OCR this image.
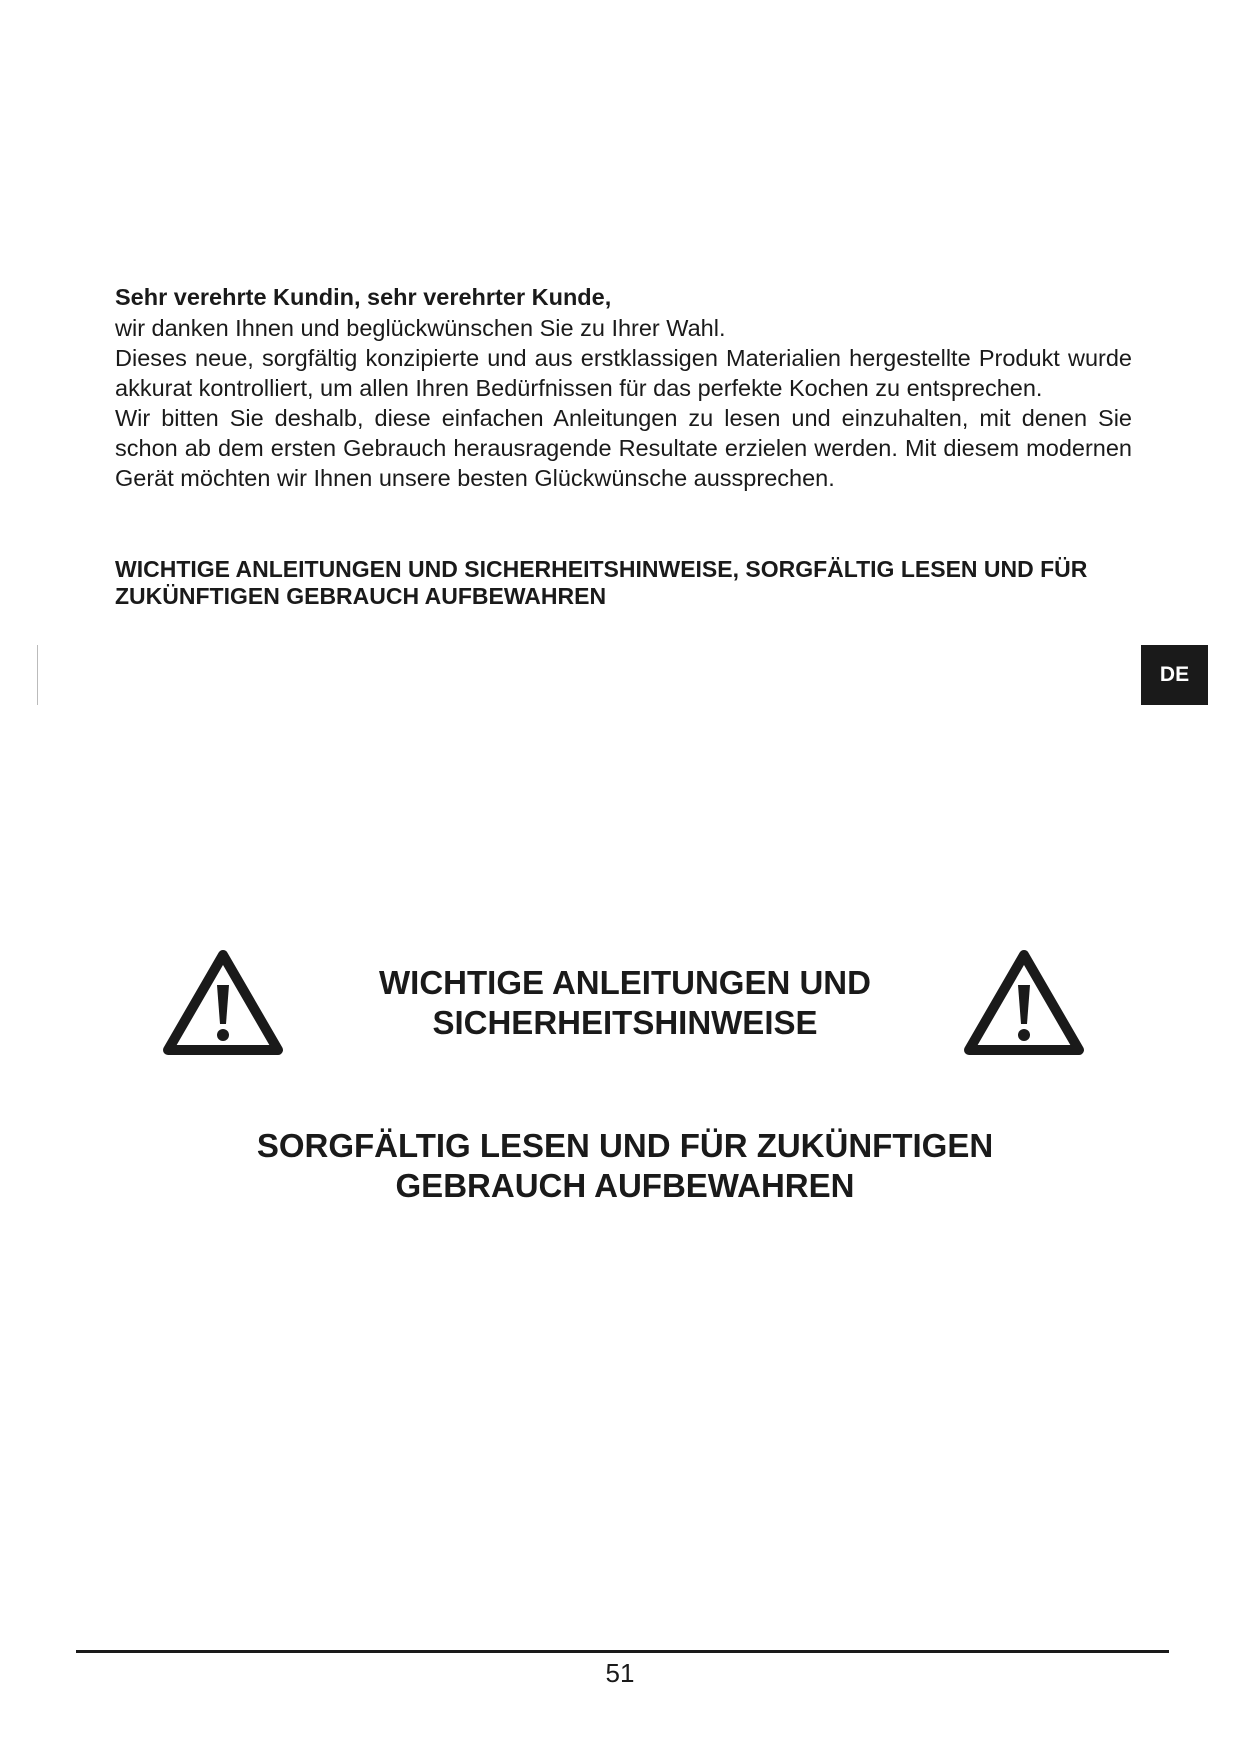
Sehr verehrte Kundin, sehr verehrter Kunde,

wir danken Ihnen und beglückwünschen Sie zu Ihrer Wahl.

Dieses neue, sorgfältig konzipierte und aus erstklassigen Materialien hergestellte Produkt wurde akkurat kontrolliert, um allen Ihren Bedürfnissen für das perfekte Kochen zu entsprechen.

Wir bitten Sie deshalb, diese einfachen Anleitungen zu lesen und einzuhalten, mit denen Sie schon ab dem ersten Gebrauch herausragende Resultate erzielen werden. Mit diesem modernen Gerät möchten wir Ihnen unsere besten Glückwünsche aussprechen.

WICHTIGE ANLEITUNGEN UND SICHERHEITSHINWEISE, SORGFÄLTIG LESEN UND FÜR ZUKÜNFTIGEN GEBRAUCH AUFBEWAHREN
DE
WICHTIGE ANLEITUNGEN UND
SICHERHEITSHINWEISE
SORGFÄLTIG LESEN UND FÜR ZUKÜNFTIGEN
GEBRAUCH AUFBEWAHREN
51
